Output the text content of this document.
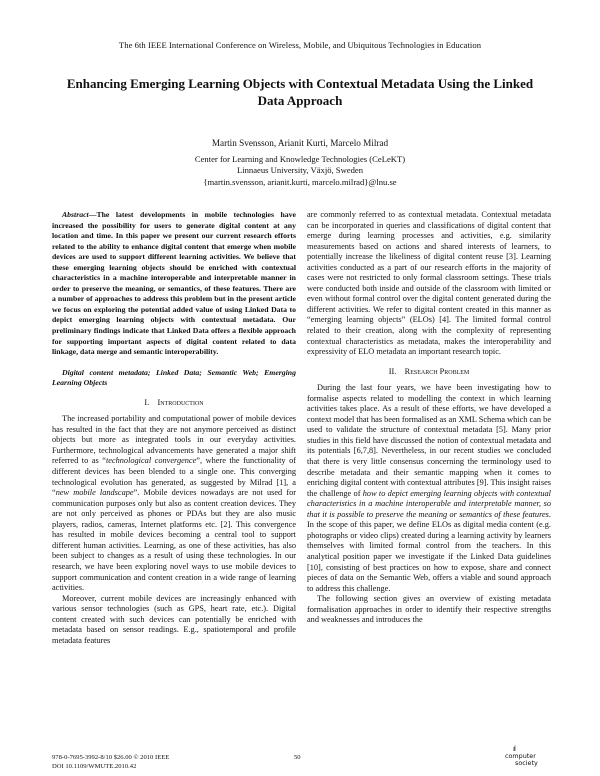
The 6th IEEE International Conference on Wireless, Mobile, and Ubiquitous Technologies in Education
Enhancing Emerging Learning Objects with Contextual Metadata Using the Linked
Data Approach
Martin Svensson, Arianit Kurti, Marcelo Milrad
Center for Learning and Knowledge Technologies (CeLeKT)
Linnaeus University, Växjö, Sweden
{martin.svensson, arianit.kurti, marcelo.milrad}@lnu.se

Abstract—The latest developments in mobile technologies have increased the possibility for users to generate digital content at any location and time. In this paper we present our current research efforts related to the ability to enhance digital content that emerge when mobile devices are used to support different learning activities. We believe that these emerging learning objects should be enriched with contextual characteristics in a machine interoperable and interpretable manner in order to preserve the meaning, or semantics, of these features. There are a number of approaches to address this problem but in the present article we focus on exploring the potential added value of using Linked Data to depict emerging learning objects with contextual metadata. Our preliminary findings indicate that Linked Data offers a flexible approach for supporting important aspects of digital content related to data linkage, data merge and semantic interoperability.

Digital content metadata; Linked Data; Semantic Web; Emerging Learning Objects

I. Introduction

The increased portability and computational power of mobile devices has resulted in the fact that they are not anymore perceived as distinct objects but more as integrated tools in our everyday activities. Furthermore, technological advancements have generated a major shift referred to as “technological convergence”, where the functionality of different devices has been blended to a single one. This converging technological evolution has generated, as suggested by Milrad [1], a “new mobile landscape”. Mobile devices nowadays are not used for communication purposes only but also as content creation devices. They are not only perceived as phones or PDAs but they are also music players, radios, cameras, Internet platforms etc. [2]. This convergence has resulted in mobile devices becoming a central tool to support different human activities. Learning, as one of these activities, has also been subject to changes as a result of using these technologies. In our research, we have been exploring novel ways to use mobile devices to support communication and content creation in a wide range of learning activities.

Moreover, current mobile devices are increasingly enhanced with various sensor technologies (such as GPS, heart rate, etc.). Digital content created with such devices can potentially be enriched with metadata based on sensor readings. E.g., spatiotemporal and profile metadata features

are commonly referred to as contextual metadata. Contextual metadata can be incorporated in queries and classifications of digital content that emerge during learning processes and activities, e.g. similarity measurements based on actions and shared interests of learners, to potentially increase the likeliness of digital content reuse [3]. Learning activities conducted as a part of our research efforts in the majority of cases were not restricted to only formal classroom settings. These trials were conducted both inside and outside of the classroom with limited or even without formal control over the digital content generated during the different activities. We refer to digital content created in this manner as “emerging learning objects” (ELOs) [4]. The limited formal control related to their creation, along with the complexity of representing contextual characteristics as metadata, makes the interoperability and expressivity of ELO metadata an important research topic.

II. Research Problem

During the last four years, we have been investigating how to formalise aspects related to modelling the context in which learning activities takes place. As a result of these efforts, we have developed a context model that has been formalised as an XML Schema which can be used to validate the structure of contextual metadata [5]. Many prior studies in this field have discussed the notion of contextual metadata and its potentials [6,7,8]. Nevertheless, in our recent studies we concluded that there is very little consensus concerning the terminology used to describe metadata and their semantic mapping when it comes to enriching digital content with contextual attributes [9]. This insight raises the challenge of how to depict emerging learning objects with contextual characteristics in a machine interoperable and interpretable manner, so that it is possible to preserve the meaning or semantics of these features. In the scope of this paper, we define ELOs as digital media content (e.g. photographs or video clips) created during a learning activity by learners themselves with limited formal control from the teachers. In this analytical position paper we investigate if the Linked Data guidelines [10], consisting of best practices on how to expose, share and connect pieces of data on the Semantic Web, offers a viable and sound approach to address this challenge.

The following section gives an overview of existing metadata formalisation approaches in order to identify their respective strengths and weaknesses and introduces the

978-0-7695-3992-8/10 $26.00 © 2010 IEEE
DOI 10.1109/WMUTE.2010.42
50
ıl
computer
society
